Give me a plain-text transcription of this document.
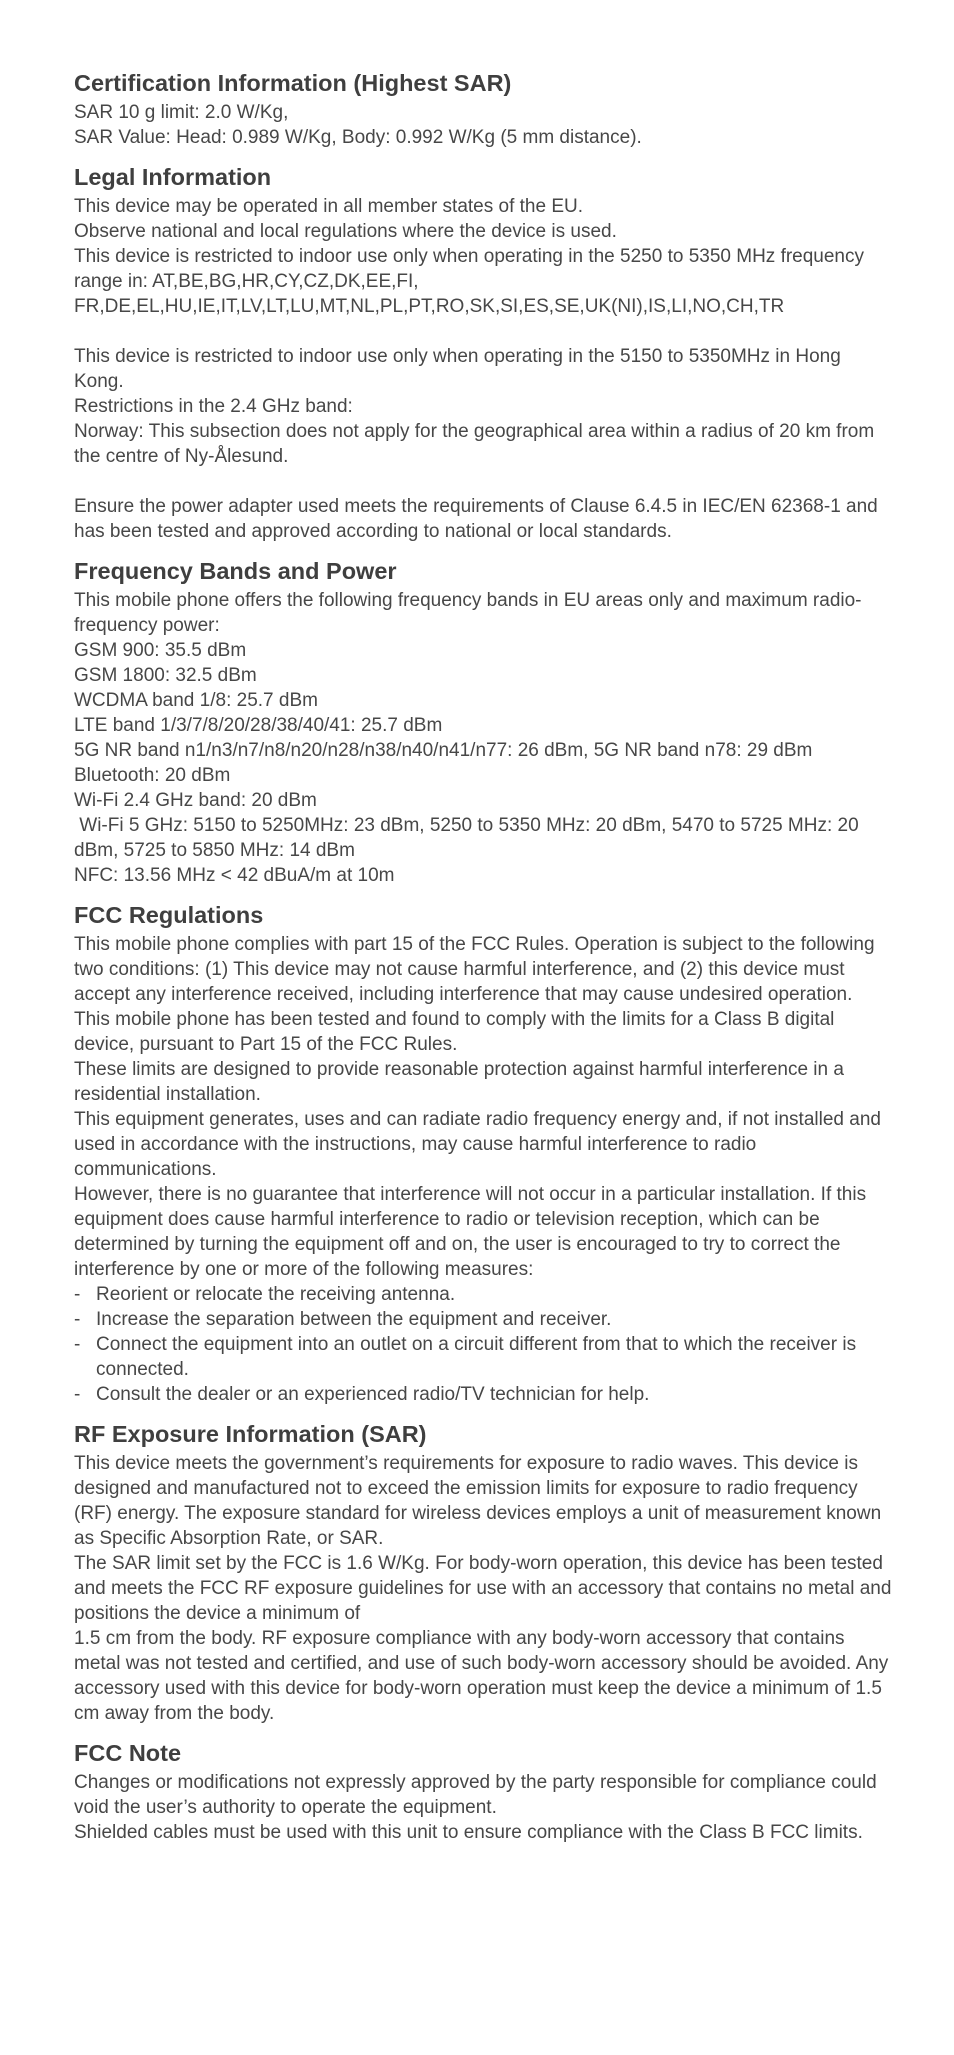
Certification Information (Highest SAR)

SAR 10 g limit: 2.0 W/Kg,

SAR Value: Head: 0.989 W/Kg, Body: 0.992 W/Kg (5 mm distance).

Legal Information

This device may be operated in all member states of the EU.

Observe national and local regulations where the device is used.

This device is restricted to indoor use only when operating in the 5250 to 5350 MHz frequency range in: AT,BE,BG,HR,CY,CZ,DK,EE,FI, FR,DE,EL,HU,IE,IT,LV,LT,LU,MT,NL,PL,PT,RO,SK,SI,ES,SE,UK(NI),IS,LI,NO,CH,TR

This device is restricted to indoor use only when operating in the 5150 to 5350MHz in Hong Kong.

Restrictions in the 2.4 GHz band:

Norway: This subsection does not apply for the geographical area within a radius of 20 km from the centre of Ny-Ålesund.

Ensure the power adapter used meets the requirements of Clause 6.4.5 in IEC/EN 62368-1 and has been tested and approved according to national or local standards.

Frequency Bands and Power

This mobile phone offers the following frequency bands in EU areas only and maximum radio-frequency power:

GSM 900: 35.5 dBm

GSM 1800: 32.5 dBm

WCDMA band 1/8: 25.7 dBm

LTE band 1/3/7/8/20/28/38/40/41: 25.7 dBm

5G NR band n1/n3/n7/n8/n20/n28/n38/n40/n41/n77: 26 dBm, 5G NR band n78: 29 dBm

Bluetooth: 20 dBm

Wi-Fi 2.4 GHz band: 20 dBm

Wi-Fi 5 GHz: 5150 to 5250MHz: 23 dBm, 5250 to 5350 MHz: 20 dBm, 5470 to 5725 MHz: 20 dBm, 5725 to 5850 MHz: 14 dBm

NFC: 13.56 MHz < 42 dBuA/m at 10m

FCC Regulations

This mobile phone complies with part 15 of the FCC Rules. Operation is subject to the following two conditions: (1) This device may not cause harmful interference, and (2) this device must accept any interference received, including interference that may cause undesired operation.

This mobile phone has been tested and found to comply with the limits for a Class B digital device, pursuant to Part 15 of the FCC Rules.

These limits are designed to provide reasonable protection against harmful interference in a residential installation.

This equipment generates, uses and can radiate radio frequency energy and, if not installed and used in accordance with the instructions, may cause harmful interference to radio communications.

However, there is no guarantee that interference will not occur in a particular installation. If this equipment does cause harmful interference to radio or television reception, which can be determined by turning the equipment off and on, the user is encouraged to try to correct the interference by one or more of the following measures:

- Reorient or relocate the receiving antenna.
- Increase the separation between the equipment and receiver.
- Connect the equipment into an outlet on a circuit different from that to which the receiver is connected.
- Consult the dealer or an experienced radio/TV technician for help.
RF Exposure Information (SAR)

This device meets the government’s requirements for exposure to radio waves. This device is designed and manufactured not to exceed the emission limits for exposure to radio frequency (RF) energy. The exposure standard for wireless devices employs a unit of measurement known as Specific Absorption Rate, or SAR.

The SAR limit set by the FCC is 1.6 W/Kg. For body-worn operation, this device has been tested and meets the FCC RF exposure guidelines for use with an accessory that contains no metal and positions the device a minimum of

1.5 cm from the body. RF exposure compliance with any body-worn accessory that contains metal was not tested and certified, and use of such body-worn accessory should be avoided. Any accessory used with this device for body-worn operation must keep the device a minimum of 1.5 cm away from the body.

FCC Note

Changes or modifications not expressly approved by the party responsible for compliance could void the user’s authority to operate the equipment.

Shielded cables must be used with this unit to ensure compliance with the Class B FCC limits.
